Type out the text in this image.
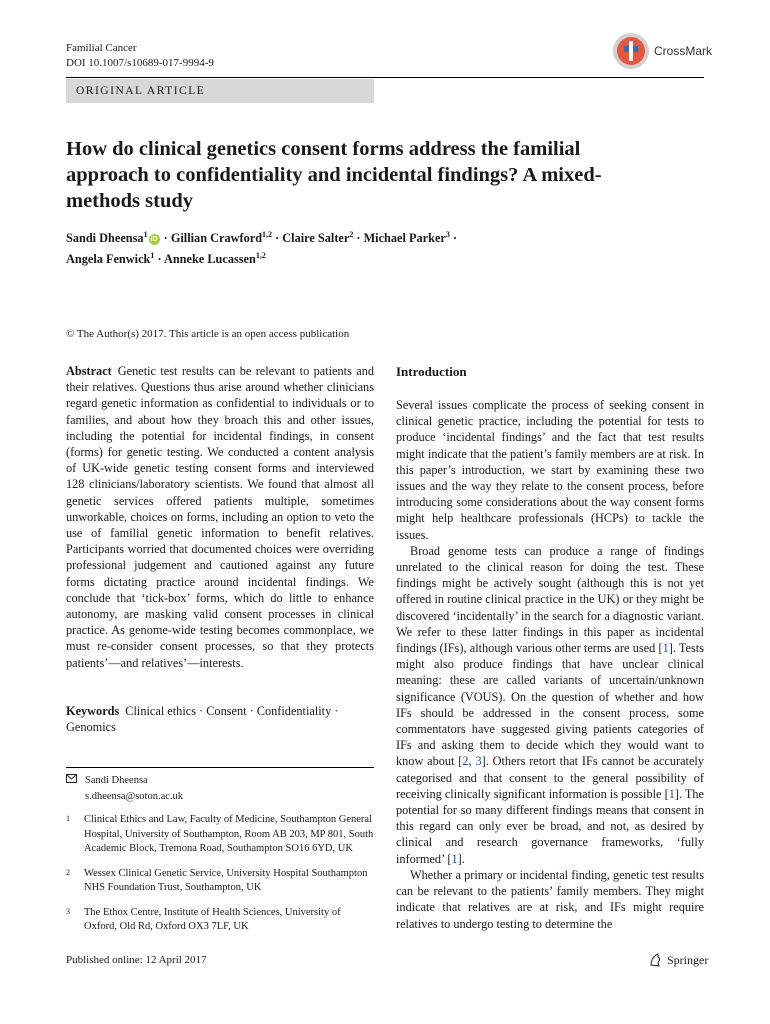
Familial Cancer
DOI 10.1007/s10689-017-9994-9
CrossMark
ORIGINAL ARTICLE
How do clinical genetics consent forms address the familial approach to confidentiality and incidental findings? A mixed-methods study
Sandi Dheensa$^1$iD · Gillian Crawford$^{1,2}$ · Claire Salter$^2$ · Michael Parker$^3$ ·
Angela Fenwick$^1$ · Anneke Lucassen$^{1,2}$
© The Author(s) 2017. This article is an open access publication
Abstract Genetic test results can be relevant to patients and their relatives. Questions thus arise around whether clinicians regard genetic information as confidential to individuals or to families, and about how they broach this and other issues, including the potential for incidental findings, in consent (forms) for genetic testing. We conducted a content analysis of UK-wide genetic testing consent forms and interviewed 128 clinicians/laboratory scientists. We found that almost all genetic services offered patients multiple, sometimes unworkable, choices on forms, including an option to veto the use of familial genetic information to benefit relatives. Participants worried that documented choices were overriding professional judgement and cautioned against any future forms dictating practice around incidental findings. We conclude that ‘tick-box’ forms, which do little to enhance autonomy, are masking valid consent processes in clinical practice. As genome-wide testing becomes commonplace, we must re-consider consent processes, so that they protects patients’—and relatives’—interests.
Keywords Clinical ethics · Consent · Confidentiality · Genomics
Sandi Dheensa
s.dheensa@soton.ac.uk
1	Clinical Ethics and Law, Faculty of Medicine, Southampton General Hospital, University of Southampton, Room AB 203, MP 801, South Academic Block, Tremona Road, Southampton SO16 6YD, UK
2	Wessex Clinical Genetic Service, University Hospital Southampton NHS Foundation Trust, Southampton, UK
3	The Ethox Centre, Institute of Health Sciences, University of Oxford, Old Rd, Oxford OX3 7LF, UK
Published online: 12 April 2017	Springer
Introduction

Several issues complicate the process of seeking consent in clinical genetic practice, including the potential for tests to produce ‘incidental findings’ and the fact that test results might indicate that the patient’s family members are at risk. In this paper’s introduction, we start by examining these two issues and the way they relate to the consent process, before introducing some considerations about the way consent forms might help healthcare professionals (HCPs) to tackle the issues.

Broad genome tests can produce a range of findings unrelated to the clinical reason for doing the test. These findings might be actively sought (although this is not yet offered in routine clinical practice in the UK) or they might be discovered ‘incidentally’ in the search for a diagnostic variant. We refer to these latter findings in this paper as incidental findings (IFs), although various other terms are used [1]. Tests might also produce findings that have unclear clinical meaning: these are called variants of uncertain/unknown significance (VOUS). On the question of whether and how IFs should be addressed in the consent process, some commentators have suggested giving patients categories of IFs and asking them to decide which they would want to know about [2, 3]. Others retort that IFs cannot be accurately categorised and that consent to the general possibility of receiving clinically significant information is possible [1]. The potential for so many different findings means that consent in this regard can only ever be broad, and not, as desired by clinical and research governance frameworks, ‘fully informed’ [1].

Whether a primary or incidental finding, genetic test results can be relevant to the patients’ family members. They might indicate that relatives are at risk, and IFs might require relatives to undergo testing to determine the
